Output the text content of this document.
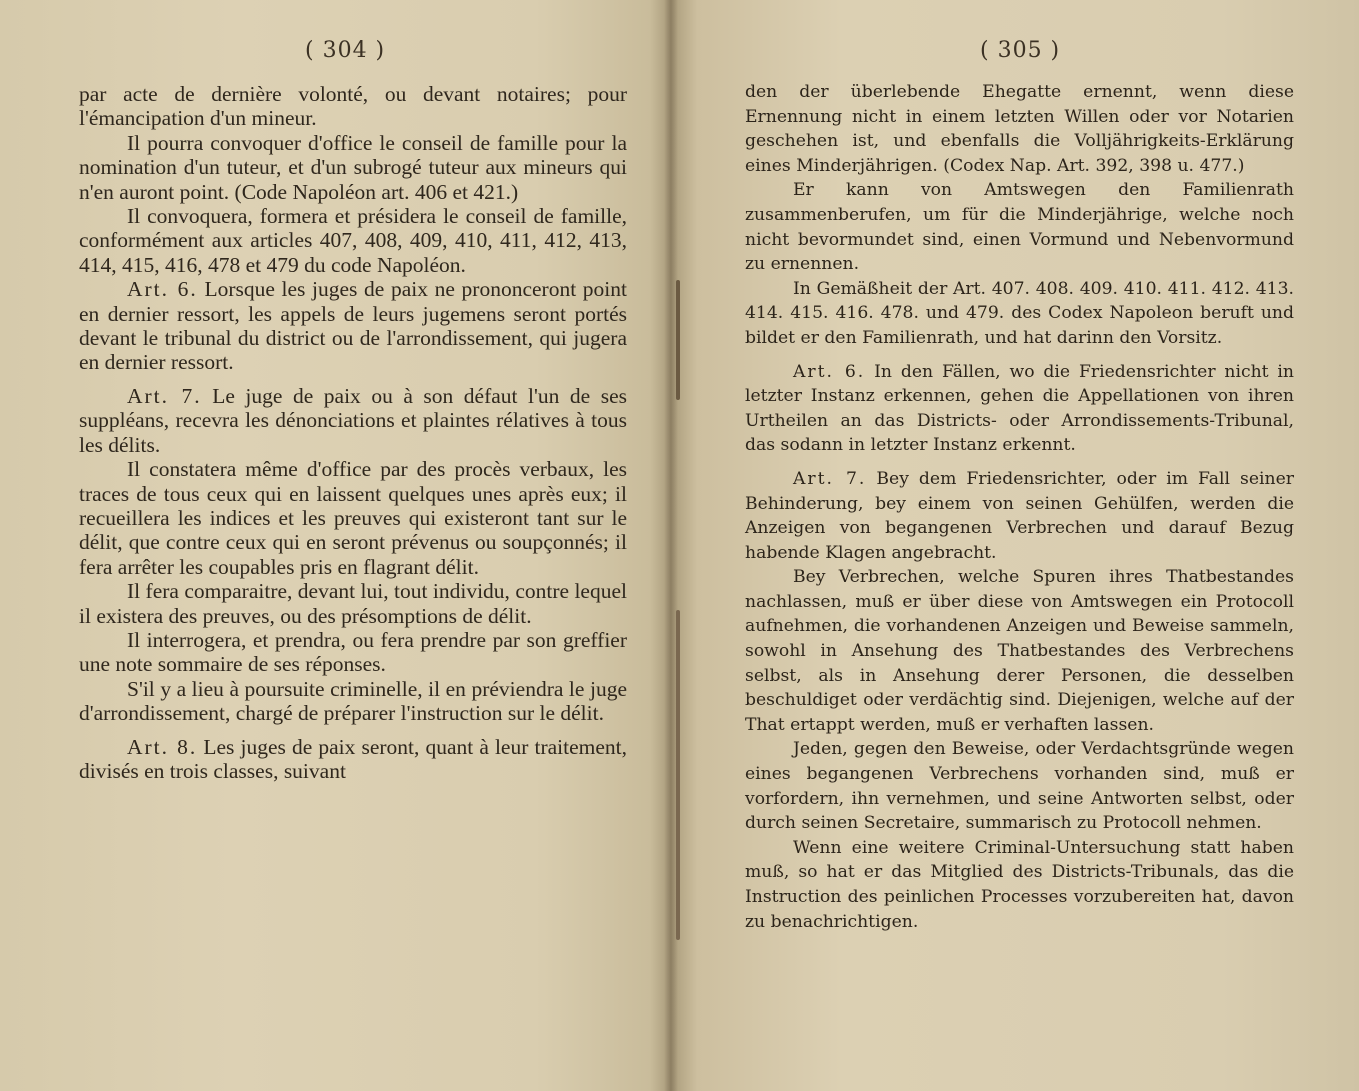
( 304 )

par acte de dernière volonté, ou devant notaires; pour l'émancipation d'un mineur.

Il pourra convoquer d'office le conseil de famille pour la nomination d'un tuteur, et d'un subrogé tuteur aux mineurs qui n'en auront point. (Code Napoléon art. 406 et 421.)

Il convoquera, formera et présidera le conseil de famille, conformément aux articles 407, 408, 409, 410, 411, 412, 413, 414, 415, 416, 478 et 479 du code Napoléon.

Art. 6. Lorsque les juges de paix ne prononceront point en dernier ressort, les appels de leurs jugemens seront portés devant le tribunal du district ou de l'arrondissement, qui jugera en dernier ressort.

Art. 7. Le juge de paix ou à son défaut l'un de ses suppléans, recevra les dénonciations et plaintes rélatives à tous les délits.

Il constatera même d'office par des procès verbaux, les traces de tous ceux qui en laissent quelques unes après eux; il recueillera les indices et les preuves qui existeront tant sur le délit, que contre ceux qui en seront prévenus ou soupçonnés; il fera arrêter les coupables pris en flagrant délit.

Il fera comparaitre, devant lui, tout individu, contre lequel il existera des preuves, ou des présomptions de délit.

Il interrogera, et prendra, ou fera prendre par son greffier une note sommaire de ses réponses.

S'il y a lieu à poursuite criminelle, il en préviendra le juge d'arrondissement, chargé de préparer l'instruction sur le délit.

Art. 8. Les juges de paix seront, quant à leur traitement, divisés en trois classes, suivant

( 305 )

den der überlebende Ehegatte ernennt, wenn diese Ernennung nicht in einem letzten Willen oder vor Notarien geschehen ist, und ebenfalls die Volljährigkeits-Erklärung eines Minderjährigen. (Codex Nap. Art. 392, 398 u. 477.)

Er kann von Amtswegen den Familienrath zusammenberufen, um für die Minderjährige, welche noch nicht bevormundet sind, einen Vormund und Nebenvormund zu ernennen.

In Gemäßheit der Art. 407. 408. 409. 410. 411. 412. 413. 414. 415. 416. 478. und 479. des Codex Napoleon beruft und bildet er den Familienrath, und hat darinn den Vorsitz.

Art. 6. In den Fällen, wo die Friedensrichter nicht in letzter Instanz erkennen, gehen die Appellationen von ihren Urtheilen an das Districts- oder Arrondissements-Tribunal, das sodann in letzter Instanz erkennt.

Art. 7. Bey dem Friedensrichter, oder im Fall seiner Behinderung, bey einem von seinen Gehülfen, werden die Anzeigen von begangenen Verbrechen und darauf Bezug habende Klagen angebracht.

Bey Verbrechen, welche Spuren ihres Thatbestandes nachlassen, muß er über diese von Amtswegen ein Protocoll aufnehmen, die vorhandenen Anzeigen und Beweise sammeln, sowohl in Ansehung des Thatbestandes des Verbrechens selbst, als in Ansehung derer Personen, die desselben beschuldiget oder verdächtig sind. Diejenigen, welche auf der That ertappt werden, muß er verhaften lassen.

Jeden, gegen den Beweise, oder Verdachtsgründe wegen eines begangenen Verbrechens vorhanden sind, muß er vorfordern, ihn vernehmen, und seine Antworten selbst, oder durch seinen Secretaire, summarisch zu Protocoll nehmen.

Wenn eine weitere Criminal-Untersuchung statt haben muß, so hat er das Mitglied des Districts-Tribunals, das die Instruction des peinlichen Processes vorzubereiten hat, davon zu benachrichtigen.
